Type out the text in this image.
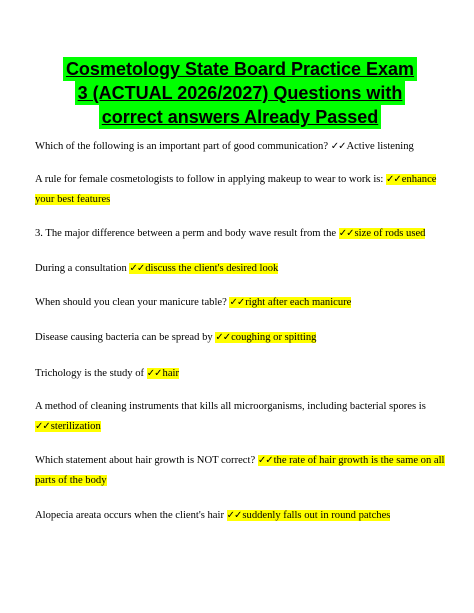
Cosmetology State Board Practice Exam
3 (ACTUAL 2026/2027) Questions with
correct answers Already Passed
Which of the following is an important part of good communication? ✓✓Active listening
A rule for female cosmetologists to follow in applying makeup to wear to work is: ✓✓enhance
your best features
3. The major difference between a perm and body wave result from the ✓✓size of rods used
During a consultation ✓✓discuss the client's desired look
When should you clean your manicure table? ✓✓right after each manicure
Disease causing bacteria can be spread by ✓✓coughing or spitting
Trichology is the study of ✓✓hair
A method of cleaning instruments that kills all microorganisms, including bacterial spores is
✓✓sterilization
Which statement about hair growth is NOT correct? ✓✓the rate of hair growth is the same on all
parts of the body
Alopecia areata occurs when the client's hair ✓✓suddenly falls out in round patches
